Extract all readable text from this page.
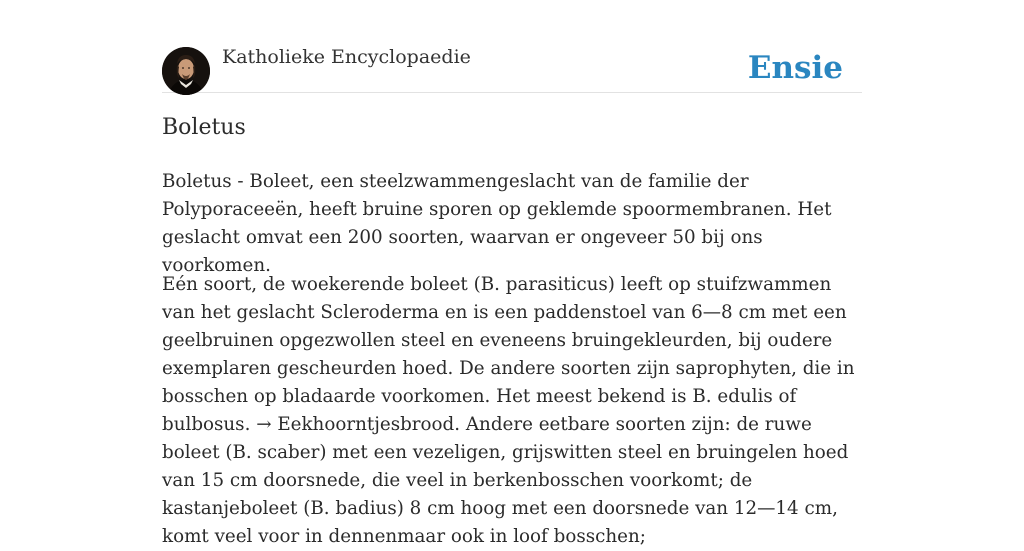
Katholieke Encyclopaedie	Ensie
Boletus

Boletus - Boleet, een steelzwammengeslacht van de familie der Polyporaceeën, heeft bruine sporen op geklemde spoormembranen. Het geslacht omvat een 200 soorten, waarvan er ongeveer 50 bij ons voorkomen.

Eén soort, de woekerende boleet (B. parasiticus) leeft op stuifzwammen van het geslacht Scleroderma en is een paddenstoel van 6—8 cm met een geelbruinen opgezwollen steel en eveneens bruingekleurden, bij oudere exemplaren gescheurden hoed. De andere soorten zijn saprophyten, die in bosschen op bladaarde voorkomen. Het meest bekend is B. edulis of bulbosus. → Eekhoorntjesbrood. Andere eetbare soorten zijn: de ruwe boleet (B. scaber) met een vezeligen, grijswitten steel en bruingelen hoed van 15 cm doorsnede, die veel in berkenbosschen voorkomt; de kastanjeboleet (B. badius) 8 cm hoog met een doorsnede van 12—14 cm, komt veel voor in dennenmaar ook in loof bosschen;
